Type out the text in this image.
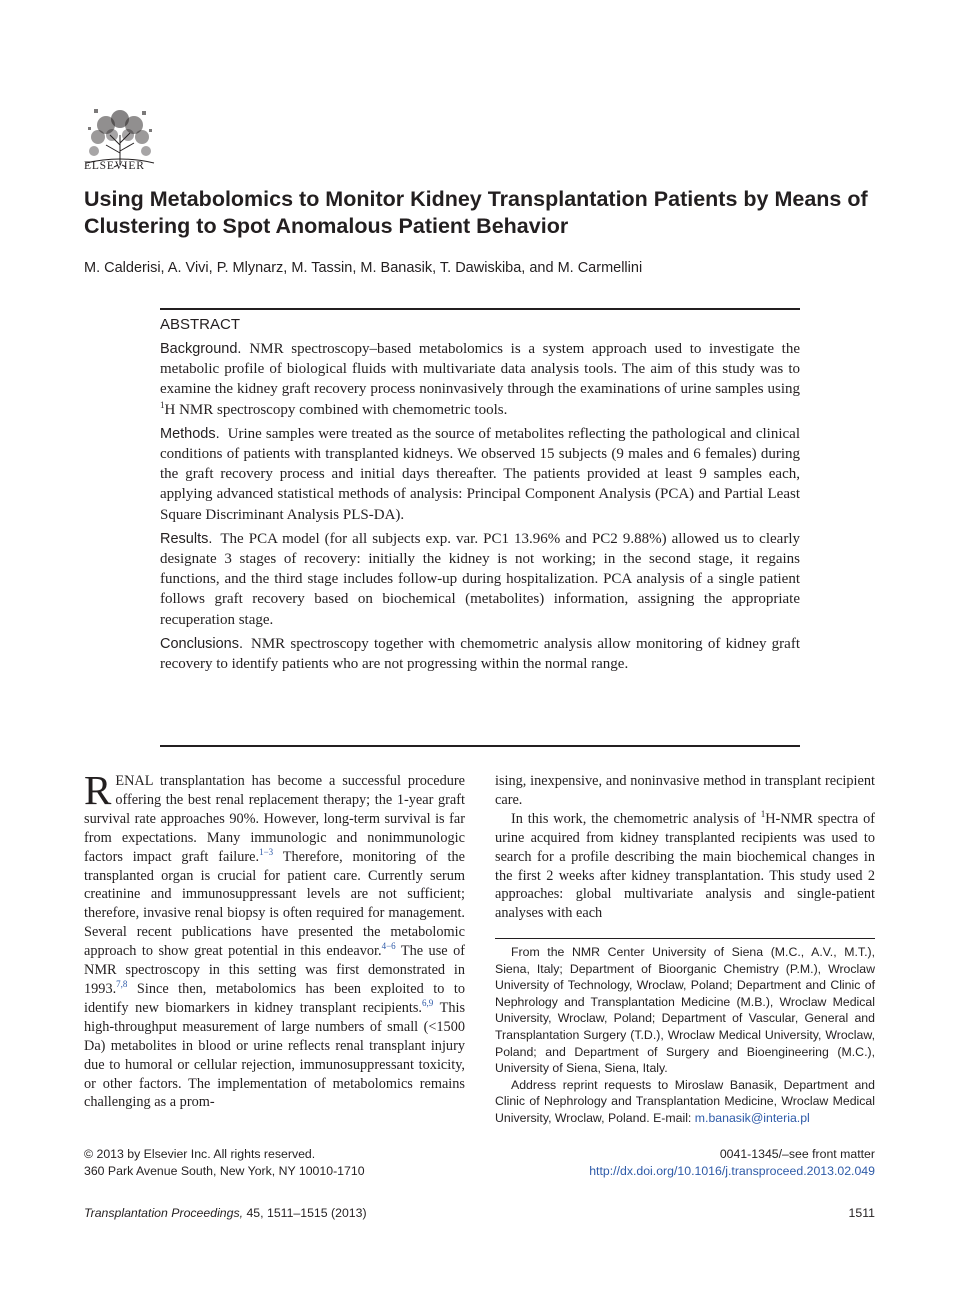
ELSEVIER
Using Metabolomics to Monitor Kidney Transplantation Patients by Means of Clustering to Spot Anomalous Patient Behavior
M. Calderisi, A. Vivi, P. Mlynarz, M. Tassin, M. Banasik, T. Dawiskiba, and M. Carmellini
ABSTRACT

Background. NMR spectroscopy–based metabolomics is a system approach used to investigate the metabolic profile of biological fluids with multivariate data analysis tools. The aim of this study was to examine the kidney graft recovery process noninvasively through the examinations of urine samples using $^1$H NMR spectroscopy combined with chemometric tools.

Methods. Urine samples were treated as the source of metabolites reflecting the pathological and clinical conditions of patients with transplanted kidneys. We observed 15 subjects (9 males and 6 females) during the graft recovery process and initial days thereafter. The patients provided at least 9 samples each, applying advanced statistical methods of analysis: Principal Component Analysis (PCA) and Partial Least Square Discriminant Analysis PLS-DA).

Results. The PCA model (for all subjects exp. var. PC1 13.96% and PC2 9.88%) allowed us to clearly designate 3 stages of recovery: initially the kidney is not working; in the second stage, it regains functions, and the third stage includes follow-up during hospitalization. PCA analysis of a single patient follows graft recovery based on biochemical (metabolites) information, assigning the appropriate recuperation stage.

Conclusions. NMR spectroscopy together with chemometric analysis allow monitoring of kidney graft recovery to identify patients who are not progressing within the normal range.

RENAL transplantation has become a successful procedure offering the best renal replacement therapy; the 1-year graft survival rate approaches 90%. However, long-term survival is far from expectations. Many immunologic and nonimmunologic factors impact graft failure.$^{1-3}$ Therefore, monitoring of the transplanted organ is crucial for patient care. Currently serum creatinine and immunosuppressant levels are not sufficient; therefore, invasive renal biopsy is often required for management. Several recent publications have presented the metabolomic approach to show great potential in this endeavor.$^{4-6}$ The use of NMR spectroscopy in this setting was first demonstrated in 1993.$^{7,8}$ Since then, metabolomics has been exploited to to identify new biomarkers in kidney transplant recipients.$^{6,9}$ This high-throughput measurement of large numbers of small (<1500 Da) metabolites in blood or urine reflects renal transplant injury due to humoral or cellular rejection, immunosuppressant toxicity, or other factors. The implementation of metabolomics remains challenging as a prom-

ising, inexpensive, and noninvasive method in transplant recipient care.

In this work, the chemometric analysis of $^1$H-NMR spectra of urine acquired from kidney transplanted recipients was used to search for a profile describing the main biochemical changes in the first 2 weeks after kidney transplantation. This study used 2 approaches: global multivariate analysis and single-patient analyses with each

From the NMR Center University of Siena (M.C., A.V., M.T.), Siena, Italy; Department of Bioorganic Chemistry (P.M.), Wroclaw University of Technology, Wroclaw, Poland; Department and Clinic of Nephrology and Transplantation Medicine (M.B.), Wroclaw Medical University, Wroclaw, Poland; Department of Vascular, General and Transplantation Surgery (T.D.), Wroclaw Medical University, Wroclaw, Poland; and Department of Surgery and Bioengineering (M.C.), University of Siena, Siena, Italy.

Address reprint requests to Miroslaw Banasik, Department and Clinic of Nephrology and Transplantation Medicine, Wroclaw Medical University, Wroclaw, Poland. E-mail: m.banasik@interia.pl

© 2013 by Elsevier Inc. All rights reserved.
360 Park Avenue South, New York, NY 10010-1710
0041-1345/–see front matter
http://dx.doi.org/10.1016/j.transproceed.2013.02.049
Transplantation Proceedings, 45, 1511–1515 (2013)	1511
